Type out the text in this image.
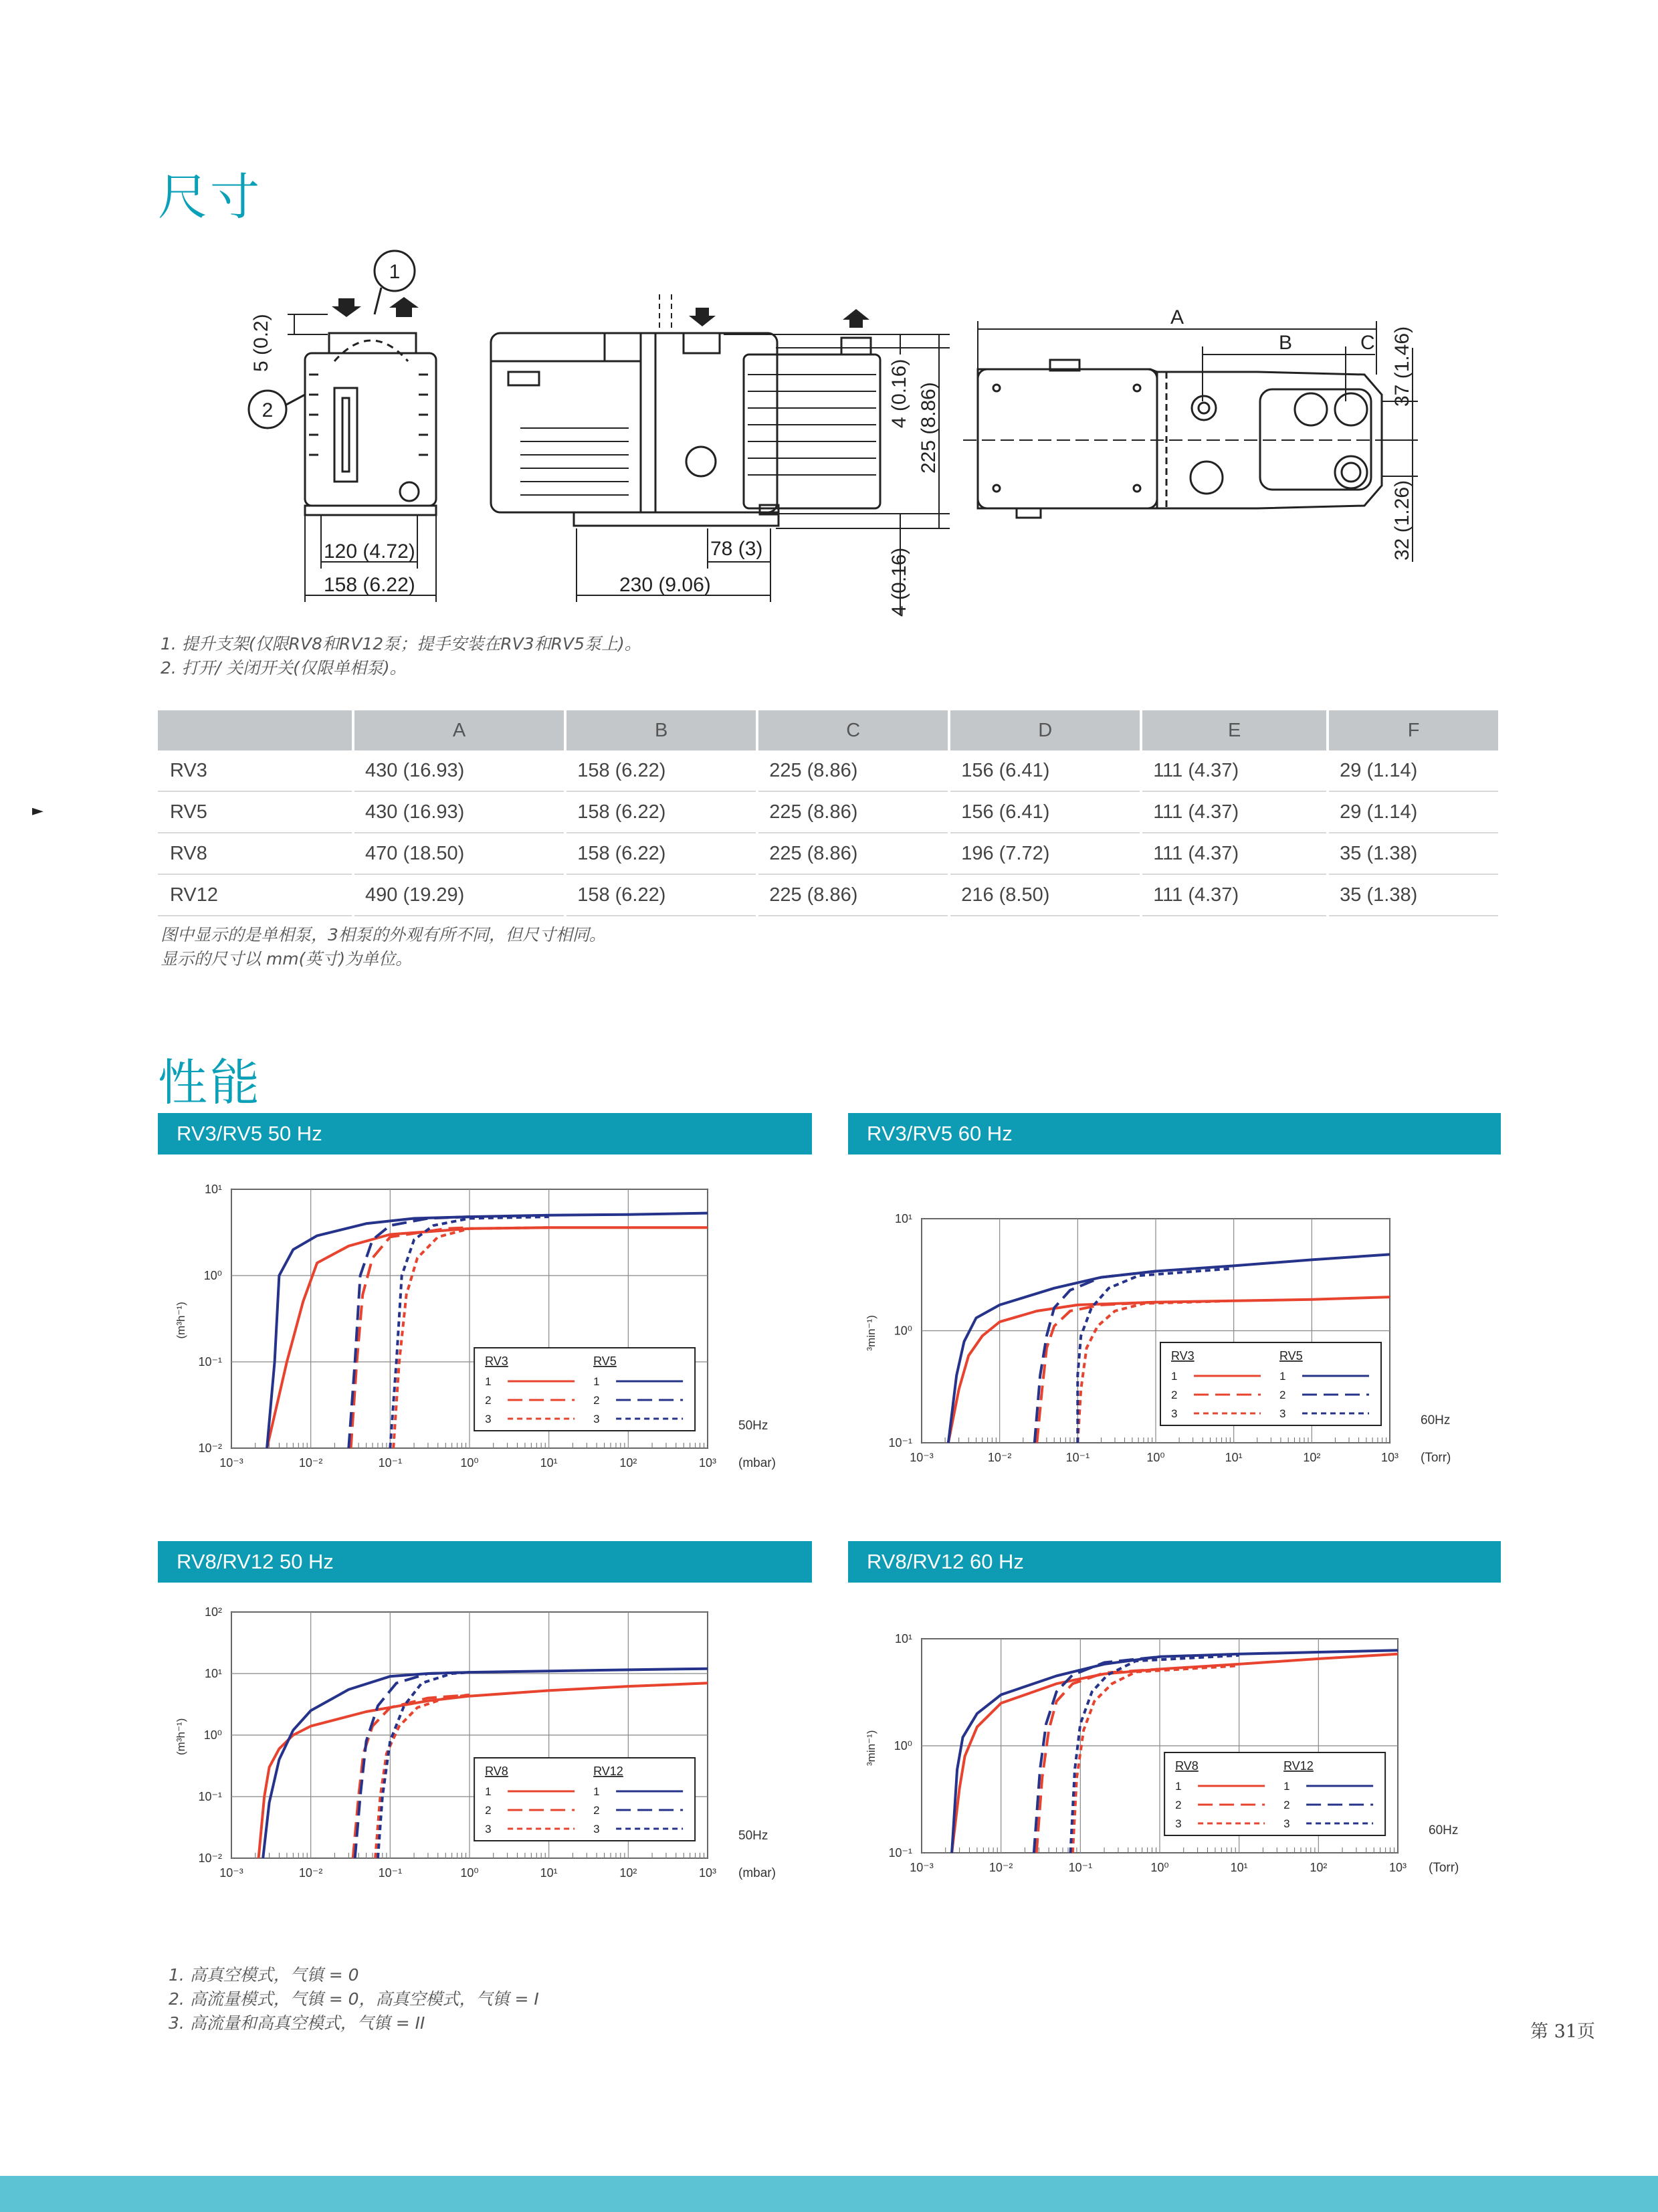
尺寸
1
2
5 (0.2)
120 (4.72)
158 (6.22)
78 (3)
230 (9.06)
4 (0.16) 225 (8.86)
4 (0.16)
A
B	C 37 (1.46)
32 (1.26)
1. 提升支架(仅限RV8和RV12泵；提手安装在RV3和RV5泵上)。
2. 打开/ 关闭开关(仅限单相泵)。
►
	A	B	C	D	E	F
RV3	430 (16.93)	158 (6.22)	225 (8.86)	156 (6.41)	111 (4.37)	29 (1.14)
RV5	430 (16.93)	158 (6.22)	225 (8.86)	156 (6.41)	111 (4.37)	29 (1.14)
RV8	470 (18.50)	158 (6.22)	225 (8.86)	196 (7.72)	111 (4.37)	35 (1.38)
RV12	490 (19.29)	158 (6.22)	225 (8.86)	216 (8.50)	111 (4.37)	35 (1.38)
图中显示的是单相泵，3相泵的外观有所不同，但尺寸相同。
显示的尺寸以 mm(英寸)为单位。
性能
RV3/RV5 50 Hz	RV3/RV5 60 Hz
RV8/RV12 50 Hz	RV8/RV12 60 Hz
10⁻³	10⁻²	10⁻¹	10⁰	10¹	10²	10³
10¹
10⁰
10⁻¹
10⁻²
(m³h⁻¹)
50Hz
(mbar)
RV3	RV5
1	1
2	2
3	3
10⁻³	10⁻²	10⁻¹	10⁰	10¹	10²	10³
10¹
10⁰
10⁻¹
³min⁻¹)
60Hz
(Torr)
RV3	RV5
1	1
2	2
3	3
10⁻³	10⁻²	10⁻¹	10⁰	10¹	10²	10³
10²
10¹
10⁰
10⁻¹
10⁻²
(m³h⁻¹)
50Hz
(mbar)
RV8	RV12
1	1
2	2
3	3
10⁻³	10⁻²	10⁻¹	10⁰	10¹	10²	10³
10¹
10⁰
10⁻¹
³min⁻¹)
60Hz
(Torr)
RV8	RV12
1	1
2	2
3	3
1. 高真空模式，气镇 = 0
2. 高流量模式，气镇 = 0，高真空模式，气镇 = I
3. 高流量和高真空模式，气镇 = II	第 31页
